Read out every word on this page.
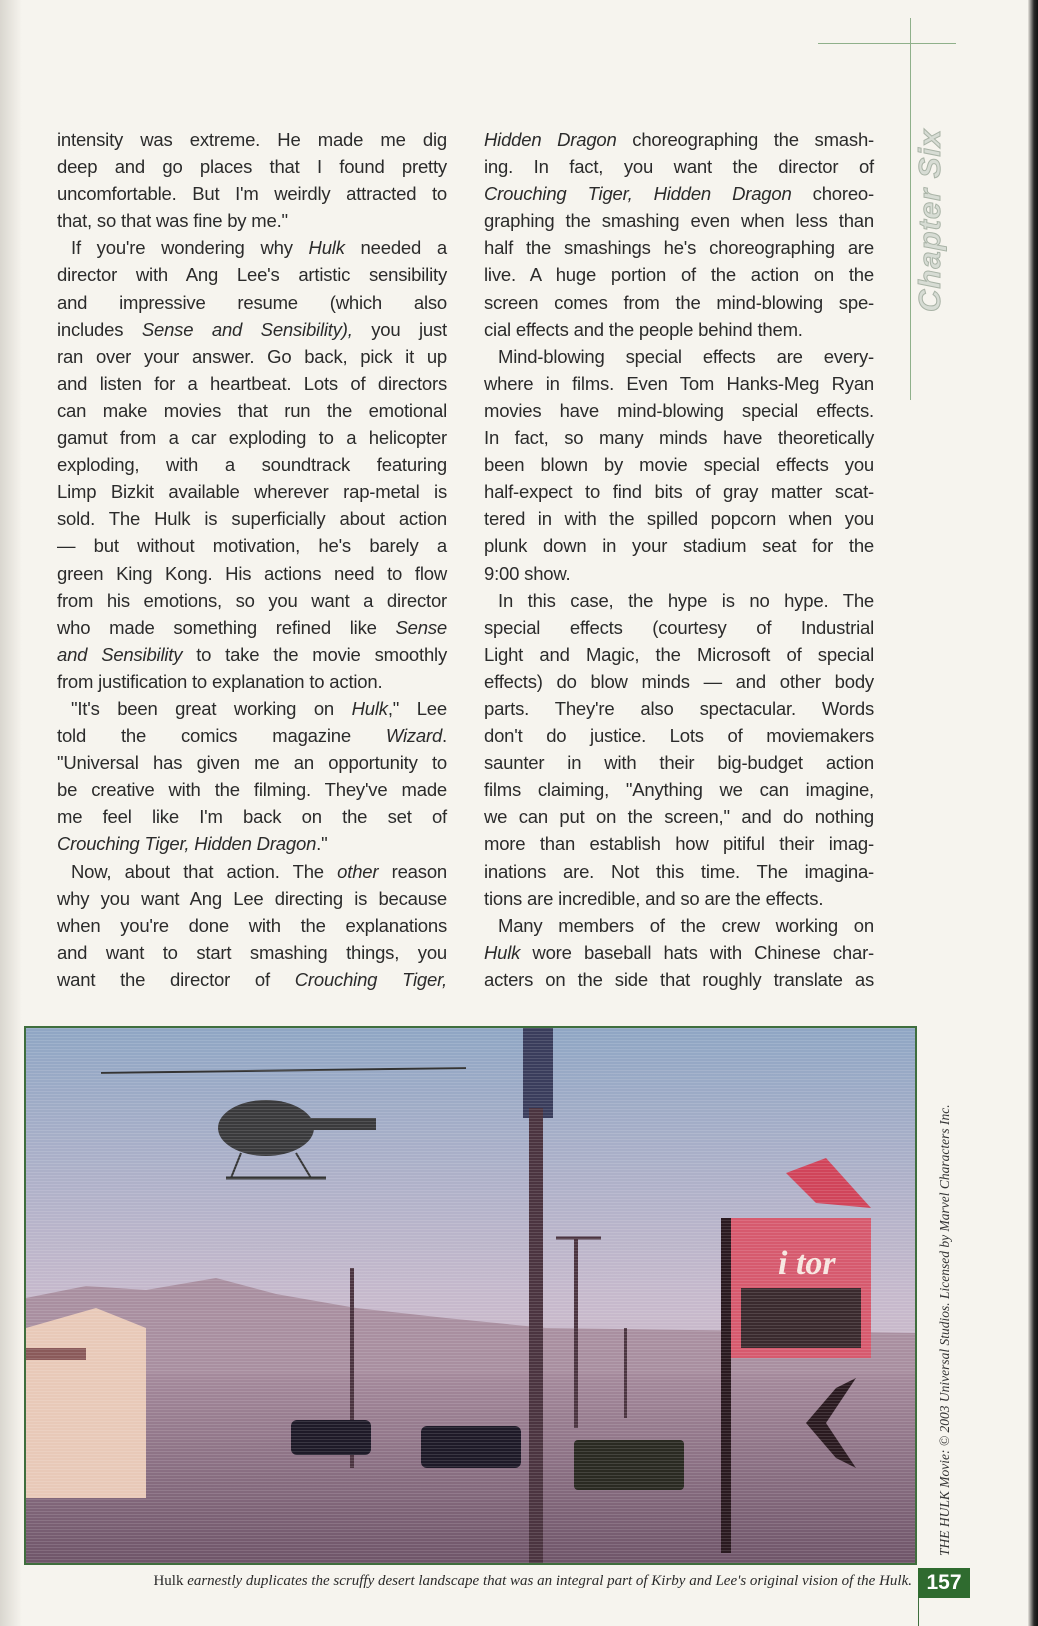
Chapter Six
intensity was extreme. He made me dig
deep and go places that I found pretty
uncomfortable. But I'm weirdly attracted to
that, so that was fine by me."
If you're wondering why Hulk needed a
director with Ang Lee's artistic sensibility
and impressive resume (which also
includes Sense and Sensibility), you just
ran over your answer. Go back, pick it up
and listen for a heartbeat. Lots of directors
can make movies that run the emotional
gamut from a car exploding to a helicopter
exploding, with a soundtrack featuring
Limp Bizkit available wherever rap-metal is
sold. The Hulk is superficially about action
— but without motivation, he's barely a
green King Kong. His actions need to flow
from his emotions, so you want a director
who made something refined like Sense
and Sensibility to take the movie smoothly
from justification to explanation to action.
"It's been great working on Hulk," Lee
told the comics magazine Wizard.
"Universal has given me an opportunity to
be creative with the filming. They've made
me feel like I'm back on the set of
Crouching Tiger, Hidden Dragon."
Now, about that action. The other reason
why you want Ang Lee directing is because
when you're done with the explanations
and want to start smashing things, you
want the director of Crouching Tiger,
Hidden Dragon choreographing the smash-
ing. In fact, you want the director of
Crouching Tiger, Hidden Dragon choreo-
graphing the smashing even when less than
half the smashings he's choreographing are
live. A huge portion of the action on the
screen comes from the mind-blowing spe-
cial effects and the people behind them.
Mind-blowing special effects are every-
where in films. Even Tom Hanks-Meg Ryan
movies have mind-blowing special effects.
In fact, so many minds have theoretically
been blown by movie special effects you
half-expect to find bits of gray matter scat-
tered in with the spilled popcorn when you
plunk down in your stadium seat for the
9:00 show.
In this case, the hype is no hype. The
special effects (courtesy of Industrial
Light and Magic, the Microsoft of special
effects) do blow minds — and other body
parts. They're also spectacular. Words
don't do justice. Lots of moviemakers
saunter in with their big-budget action
films claiming, "Anything we can imagine,
we can put on the screen," and do nothing
more than establish how pitiful their imag-
inations are. Not this time. The imagina-
tions are incredible, and so are the effects.
Many members of the crew working on
Hulk wore baseball hats with Chinese char-
acters on the side that roughly translate as
i tor	THE HULK Movie: © 2003 Universal Studios. Licensed by Marvel Characters Inc.
Hulk earnestly duplicates the scruffy desert landscape that was an integral part of Kirby and Lee's original vision of the Hulk. 157
